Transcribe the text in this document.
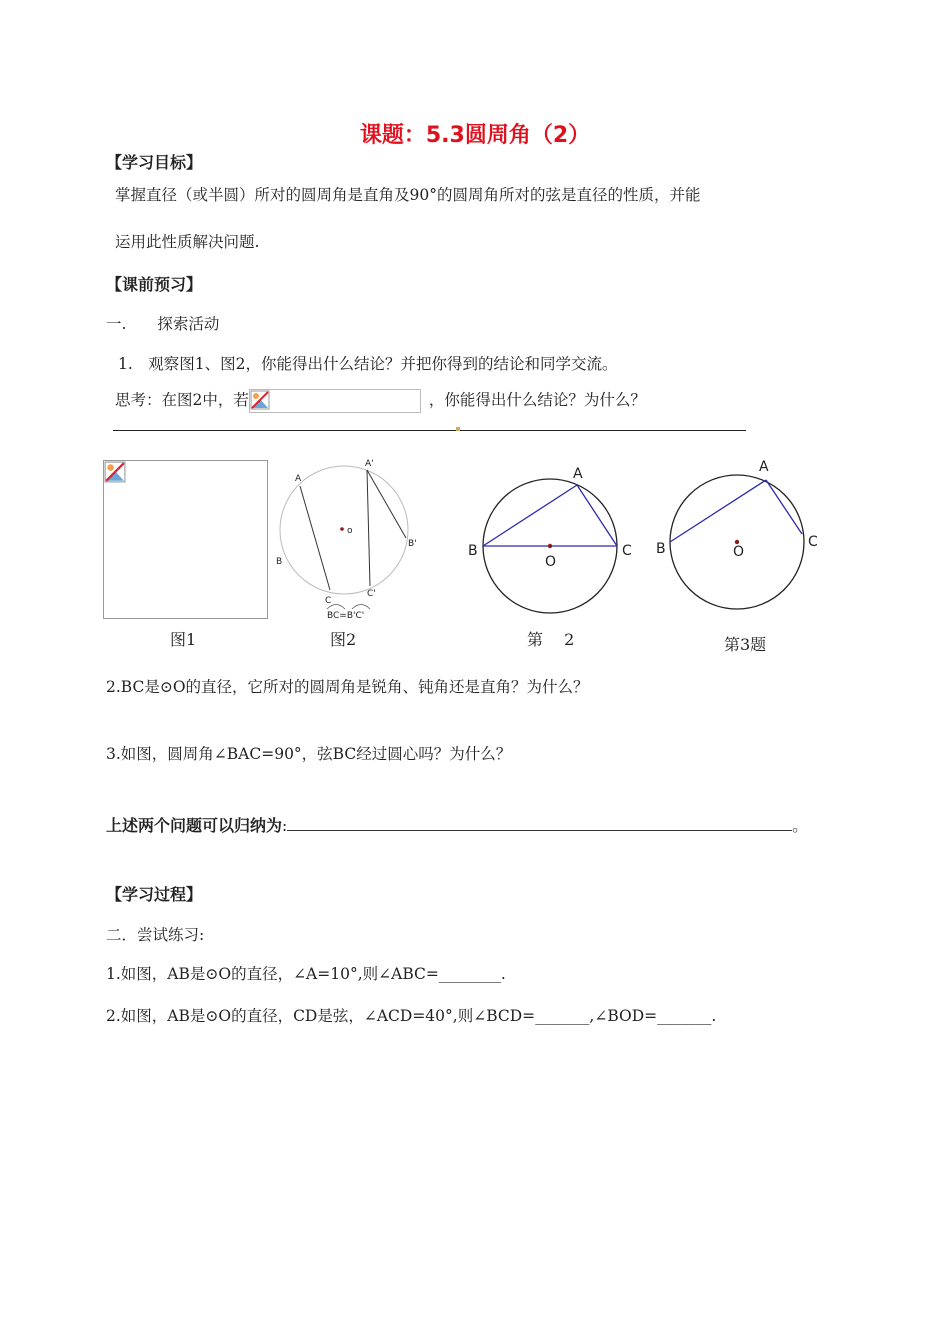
课题：5.3圆周角（2）
【学习目标】
掌握直径（或半圆）所对的圆周角是直角及90°的圆周角所对的弦是直径的性质，并能
运用此性质解决问题.
【课前预习】
一.　　探索活动
1.　观察图1、图2，你能得出什么结论？并把你得到的结论和同学交流。
思考：在图2中，若	，你能得出什么结论？为什么？
图1
A
A'
B
B'
C
C'
o
BC=B'C'
图2
A
B	C
O
第　 2
A
B	C
O
第3题
2.BC是⊙O的直径，它所对的圆周角是锐角、钝角还是直角？为什么？
3.如图，圆周角∠BAC=90°，弦BC经过圆心吗？为什么？
上述两个问题可以归纳为:	。
【学习过程】
二．尝试练习:
1.如图，AB是⊙O的直径，∠A=10°,则∠ABC=________.
2.如图，AB是⊙O的直径，CD是弦，∠ACD=40°,则∠BCD=_______,∠BOD=_______.
